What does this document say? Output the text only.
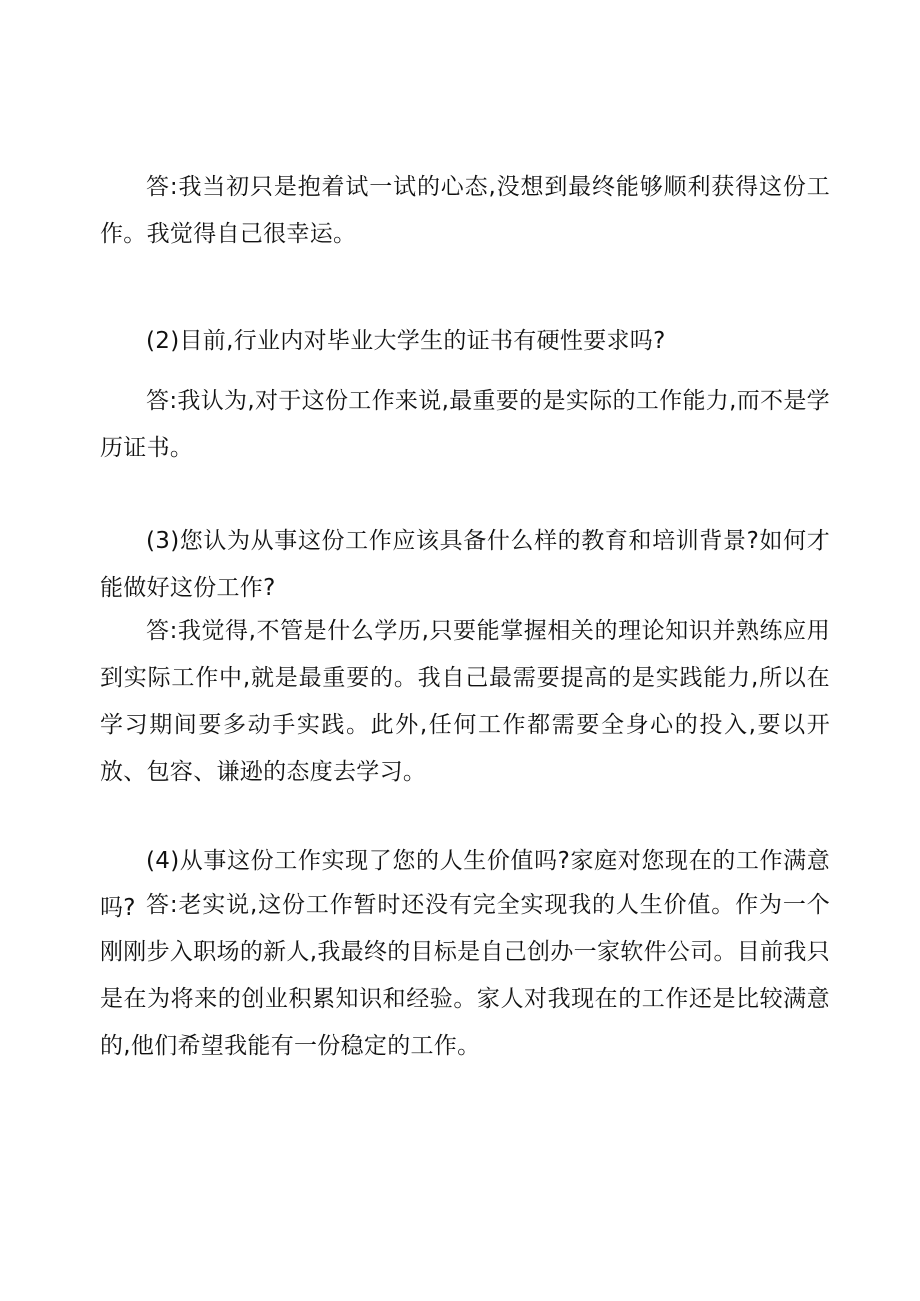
答:我当初只是抱着试一试的心态,没想到最终能够顺利获得这份工作。我觉得自己很幸运。

(2)目前,行业内对毕业大学生的证书有硬性要求吗?

答:我认为,对于这份工作来说,最重要的是实际的工作能力,而不是学历证书。

(3)您认为从事这份工作应该具备什么样的教育和培训背景?如何才能做好这份工作?

答:我觉得,不管是什么学历,只要能掌握相关的理论知识并熟练应用到实际工作中,就是最重要的。我自己最需要提高的是实践能力,所以在学习期间要多动手实践。此外,任何工作都需要全身心的投入,要以开放、包容、谦逊的态度去学习。

(4)从事这份工作实现了您的人生价值吗?家庭对您现在的工作满意吗? 答:老实说,这份工作暂时还没有完全实现我的人生价值。作为一个刚刚步入职场的新人,我最终的目标是自己创办一家软件公司。目前我只是在为将来的创业积累知识和经验。家人对我现在的工作还是比较满意的,他们希望我能有一份稳定的工作。
